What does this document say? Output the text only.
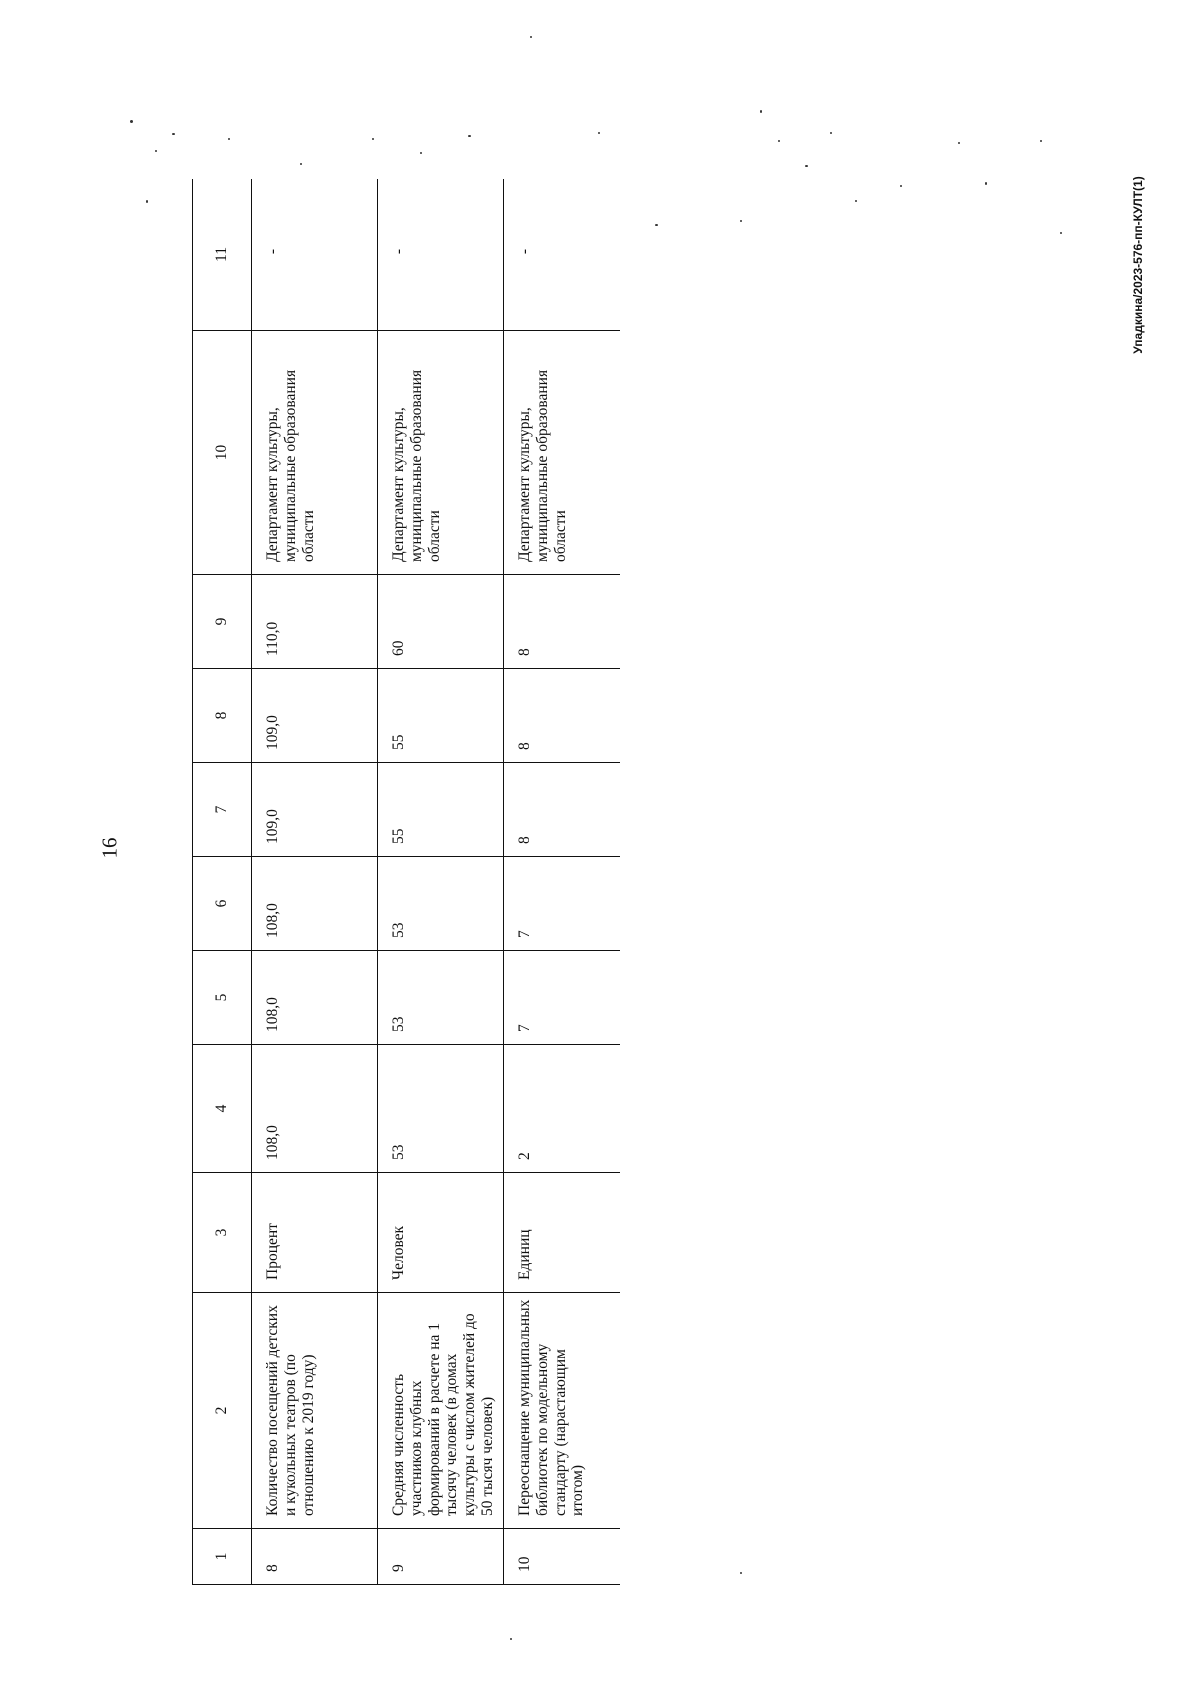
16
Упадкина/2023-576-пп-КУЛТ(1)
1	2	3	4	5	6	7	8	9	10	11
8	Количество посещений детских и кукольных театров (по отношению к 2019 году)	Процент	108,0	108,0	108,0	109,0	109,0	110,0	Департамент культуры, муниципальные образования области	-
9	Средняя численность участников клубных формирований в расчете на 1 тысячу человек (в домах культуры с числом жителей до 50 тысяч человек)	Человек	53	53	53	55	55	60	Департамент культуры, муниципальные образования области	-
10	Переоснащение муниципальных библиотек по модельному стандарту (нарастающим итогом)	Единиц	2	7	7	8	8	8	Департамент культуры, муниципальные образования области	-
